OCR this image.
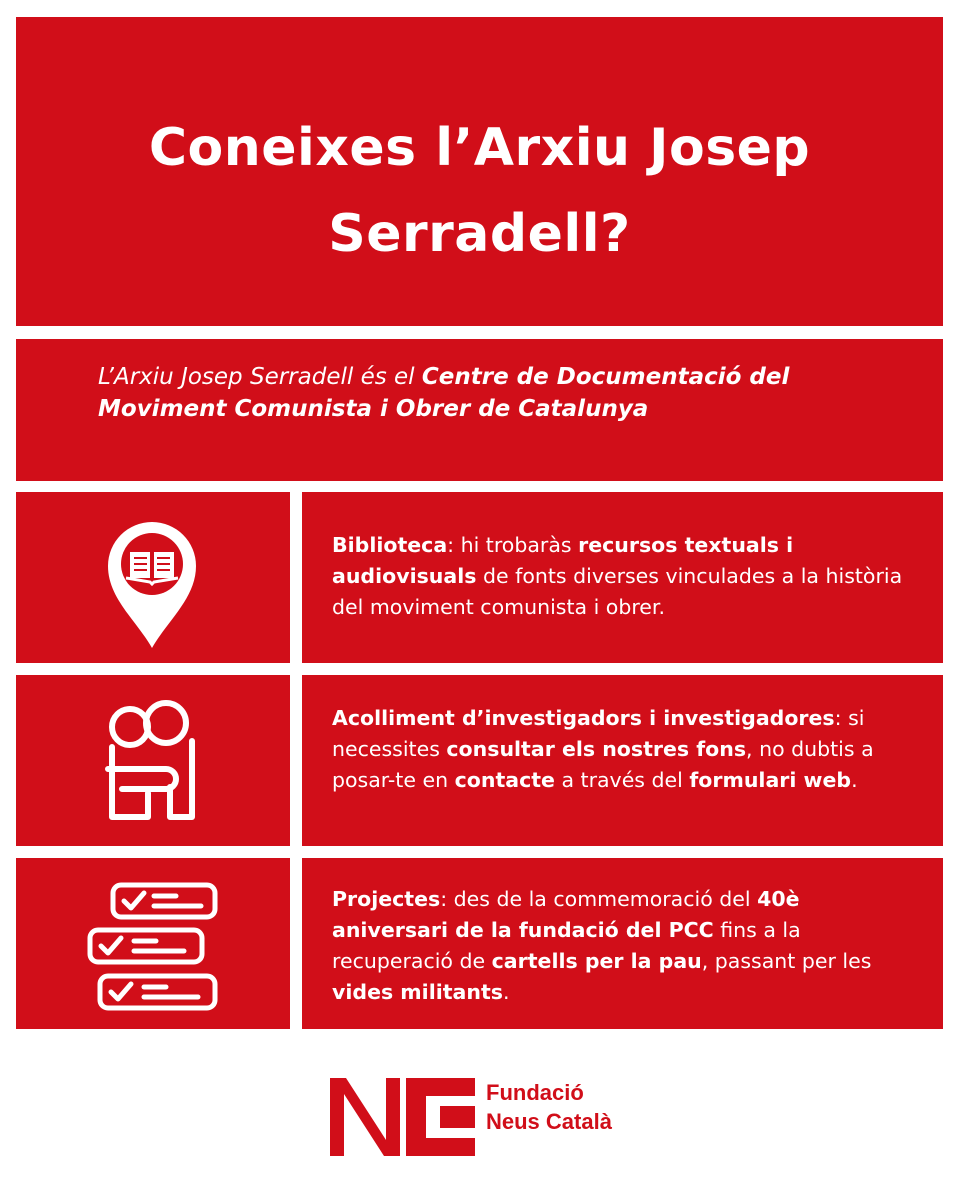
Coneixes l’Arxiu Josep Serradell?

L’Arxiu Josep Serradell és el Centre de Documentació del Moviment Comunista i Obrer de Catalunya

Biblioteca: hi trobaràs recursos textuals i audiovisuals de fonts diverses vinculades a la història del moviment comunista i obrer.

Acolliment d’investigadors i investigadores: si necessites consultar els nostres fons, no dubtis a posar-te en contacte a través del formulari web.

Projectes: des de la commemoració del 40è aniversari de la fundació del PCC fins a la recuperació de cartells per la pau, passant per les vides militants.

Fundació
Neus Català
